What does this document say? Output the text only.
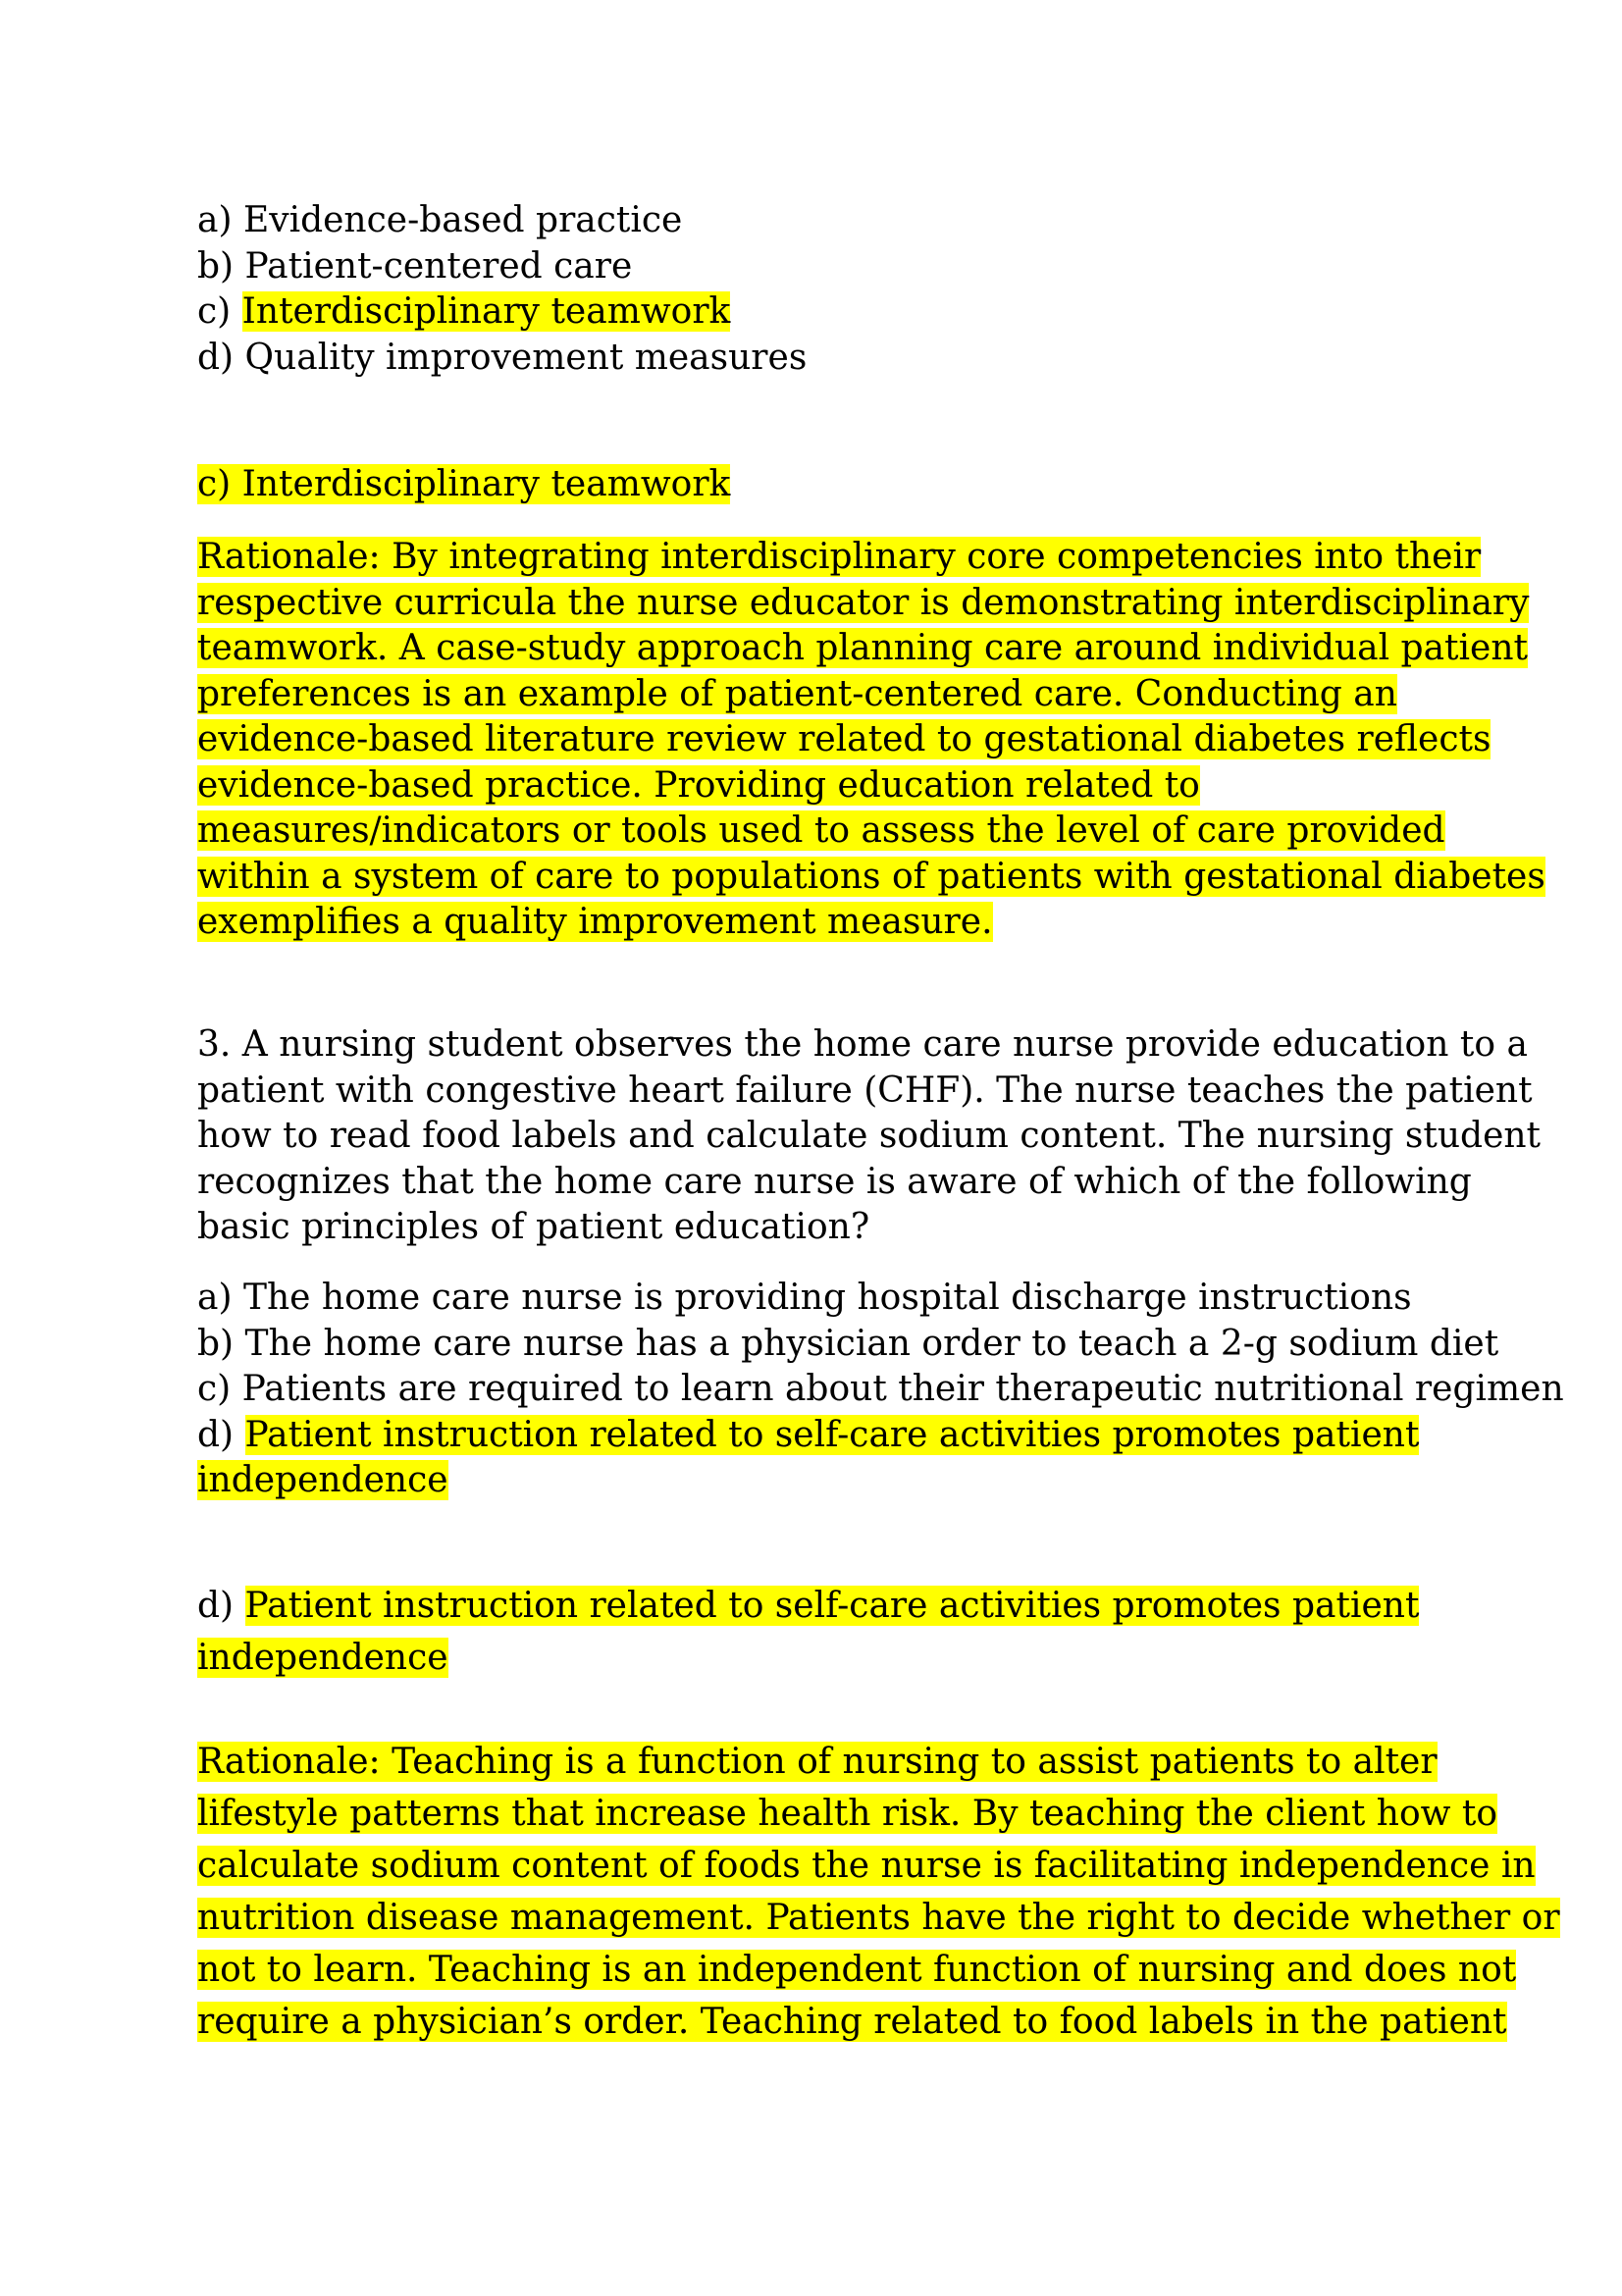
a) Evidence-based practice
b) Patient-centered care
c) Interdisciplinary teamwork
d) Quality improvement measures
c) Interdisciplinary teamwork
Rationale: By integrating interdisciplinary core competencies into their
respective curricula the nurse educator is demonstrating interdisciplinary
teamwork. A case-study approach planning care around individual patient
preferences is an example of patient-centered care. Conducting an
evidence-based literature review related to gestational diabetes reflects
evidence-based practice. Providing education related to
measures/indicators or tools used to assess the level of care provided
within a system of care to populations of patients with gestational diabetes
exemplifies a quality improvement measure.
3. A nursing student observes the home care nurse provide education to a
patient with congestive heart failure (CHF). The nurse teaches the patient
how to read food labels and calculate sodium content. The nursing student
recognizes that the home care nurse is aware of which of the following
basic principles of patient education?
a) The home care nurse is providing hospital discharge instructions
b) The home care nurse has a physician order to teach a 2-g sodium diet
c) Patients are required to learn about their therapeutic nutritional regimen
d) Patient instruction related to self-care activities promotes patient
independence
d) Patient instruction related to self-care activities promotes patient
independence
Rationale: Teaching is a function of nursing to assist patients to alter
lifestyle patterns that increase health risk. By teaching the client how to
calculate sodium content of foods the nurse is facilitating independence in
nutrition disease management. Patients have the right to decide whether or
not to learn. Teaching is an independent function of nursing and does not
require a physician’s order. Teaching related to food labels in the patient
